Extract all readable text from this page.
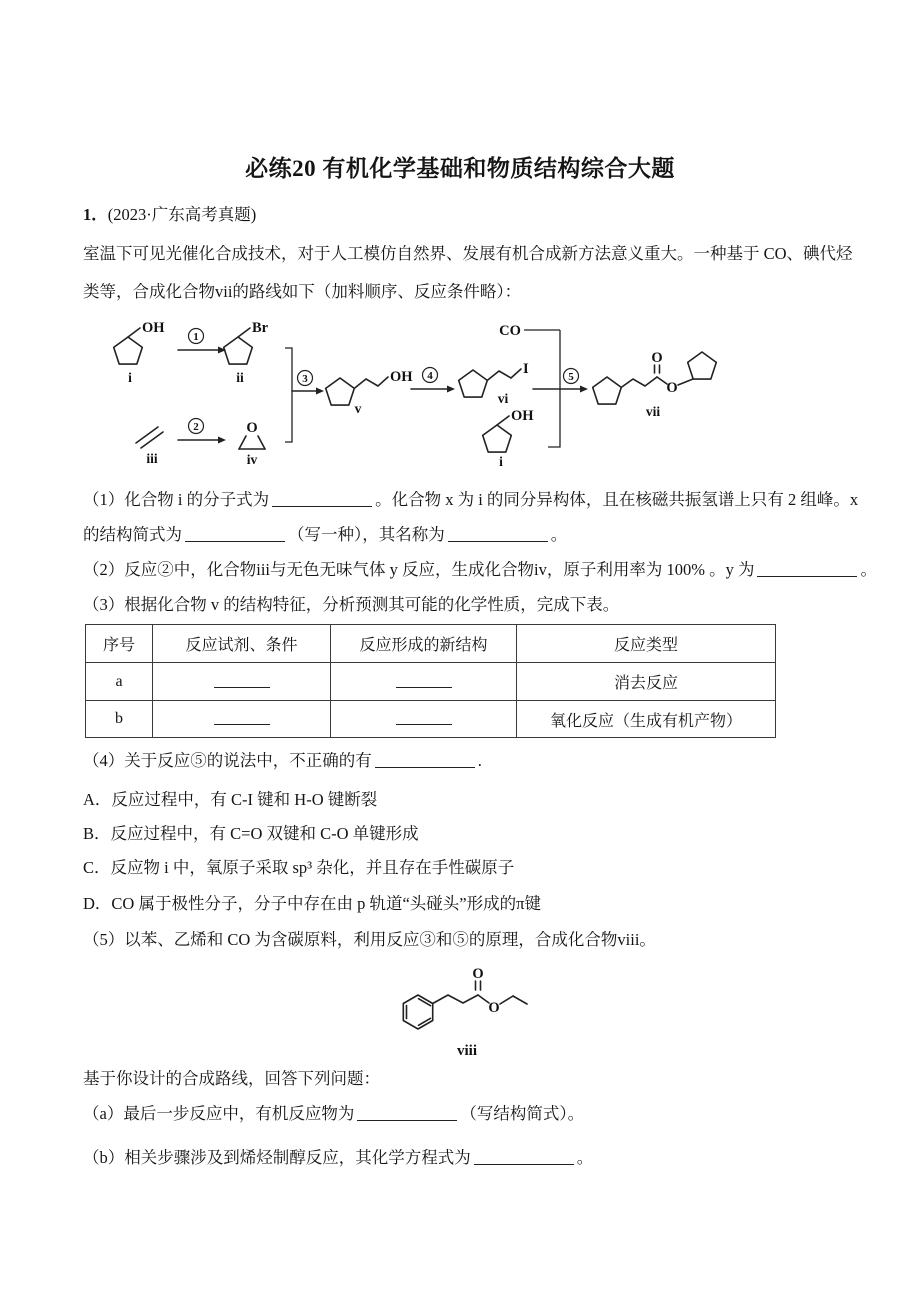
必练20 有机化学基础和物质结构综合大题
1．(2023·广东高考真题)
室温下可见光催化合成技术，对于人工模仿自然界、发展有机合成新方法意义重大。一种基于 CO、碘代烃
类等，合成化合物vii的路线如下（加料顺序、反应条件略）：
OH
i
1
Br
ii
iii
2	O
iv
3	OH
v
4	I
vi
CO
OH
i
5
O
O
vii
（1）化合物 i 的分子式为	。化合物 x 为 i 的同分异构体，且在核磁共振氢谱上只有 2 组峰。x
的结构简式为	（写一种），其名称为	。
（2）反应②中，化合物iii与无色无味气体 y 反应，生成化合物iv，原子利用率为 100% 。y 为	。
（3）根据化合物 v 的结构特征，分析预测其可能的化学性质，完成下表。
序号	反应试剂、条件	反应形成的新结构	反应类型
a			消去反应
b			氧化反应（生成有机产物）
（4）关于反应⑤的说法中，不正确的有	.
A．反应过程中，有 C-I 键和 H-O 键断裂
B．反应过程中，有 C=O 双键和 C-O 单键形成
C．反应物 i 中，氧原子采取 sp³ 杂化，并且存在手性碳原子
D．CO 属于极性分子，分子中存在由 p 轨道“头碰头”形成的π键
（5）以苯、乙烯和 CO 为含碳原料，利用反应③和⑤的原理，合成化合物viii。
O
O
viii
基于你设计的合成路线，回答下列问题：
（a）最后一步反应中，有机反应物为	（写结构简式）。
（b）相关步骤涉及到烯烃制醇反应，其化学方程式为	。
